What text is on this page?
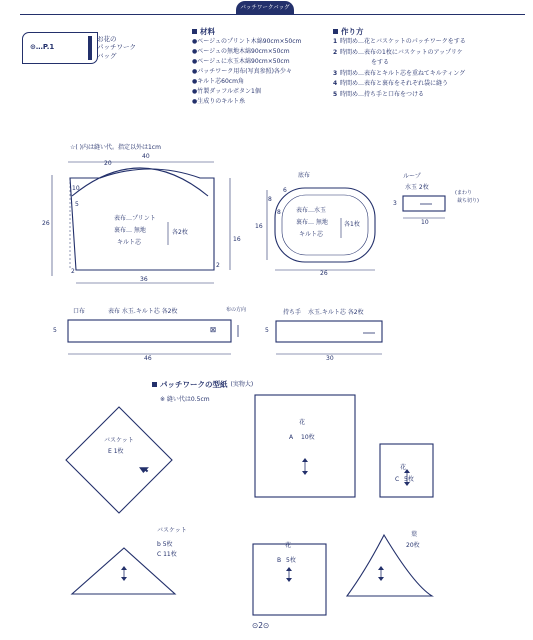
パッチワークバッグ
⊙…P.1
お花の
パッチワーク
バッグ
材料
●ベージュのプリント木綿90cm×50cm
●ベージュの無地木綿90cm×50cm
●ベージュに水玉木綿90cm×50cm
●パッチワーク用布(写真参照)各少々
●キルト芯60cm角
●竹製ダッフルボタン1個
●生成りのキルト糸
作り方
1 時間め…花とバスケットのパッチワークをする
2 時間め…表布の1枚にバスケットのアップリケ
をする
3 時間め…表布とキルト芯を重ねてキルティング
4 時間め…表布と裏布をそれぞれ袋に縫う
5 時間め…持ち手と口布をつける
☆( )内は縫い代。指定以外は1cm
40
20
26
16
36
10
5
2
2
表布…プリント
裏布… 無地
キルト芯
各2枚
底布
8
8
6
16
26
表布…水玉
裏布… 無地
キルト芯
各1枚
ループ
水玉 2枚
(まわり
裁ち切り)
3
10
口布	表布 水玉.キルト芯 各2枚	布の方向
5
46
⊠
持ち手 水玉.キルト芯 各2枚
5
30
パッチワークの型紙 (実物大)
※ 縫い代は0.5cm
バスケット
E 1枚
花
A 10枚
花
C 5枚
バスケット
b 5枚
C 11枚
花
B 5枚
葉
20枚
⊙2⊙
